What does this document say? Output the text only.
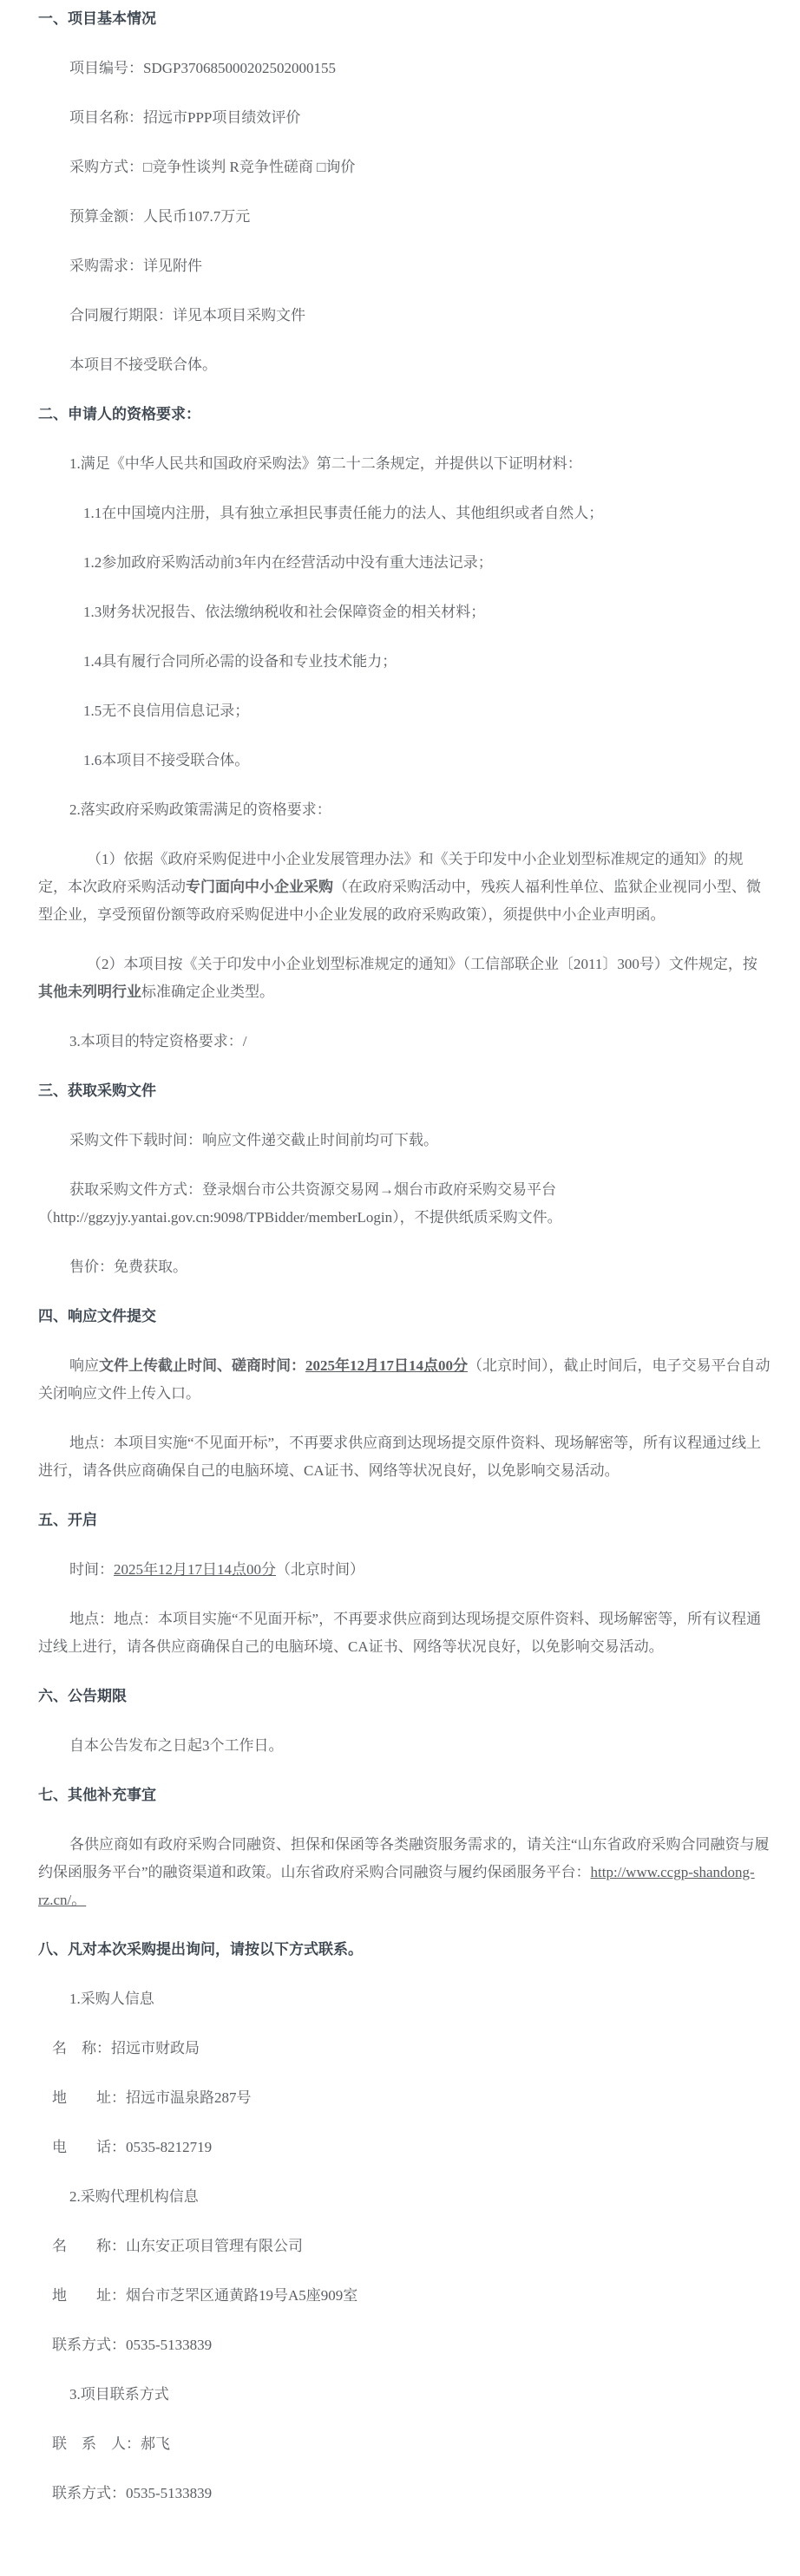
一、项目基本情况

项目编号：SDGP370685000202502000155

项目名称：招远市PPP项目绩效评价

采购方式：□竞争性谈判 R竞争性磋商 □询价

预算金额：人民币107.7万元

采购需求：详见附件

合同履行期限：详见本项目采购文件

本项目不接受联合体。

二、申请人的资格要求：

1.满足《中华人民共和国政府采购法》第二十二条规定，并提供以下证明材料：

1.1在中国境内注册，具有独立承担民事责任能力的法人、其他组织或者自然人；

1.2参加政府采购活动前3年内在经营活动中没有重大违法记录；

1.3财务状况报告、依法缴纳税收和社会保障资金的相关材料；

1.4具有履行合同所必需的设备和专业技术能力；

1.5无不良信用信息记录；

1.6本项目不接受联合体。

2.落实政府采购政策需满足的资格要求：

（1）依据《政府采购促进中小企业发展管理办法》和《关于印发中小企业划型标准规定的通知》的规定，本次政府采购活动专门面向中小企业采购（在政府采购活动中，残疾人福利性单位、监狱企业视同小型、微型企业，享受预留份额等政府采购促进中小企业发展的政府采购政策），须提供中小企业声明函。

（2）本项目按《关于印发中小企业划型标准规定的通知》（工信部联企业〔2011〕300号）文件规定，按其他未列明行业标准确定企业类型。

3.本项目的特定资格要求：/

三、获取采购文件

采购文件下载时间：响应文件递交截止时间前均可下载。

获取采购文件方式：登录烟台市公共资源交易网→烟台市政府采购交易平台（http://ggzyjy.yantai.gov.cn:9098/TPBidder/memberLogin），不提供纸质采购文件。

售价：免费获取。

四、响应文件提交

响应文件上传截止时间、磋商时间：2025年12月17日14点00分（北京时间），截止时间后，电子交易平台自动关闭响应文件上传入口。

地点：本项目实施“不见面开标”，不再要求供应商到达现场提交原件资料、现场解密等，所有议程通过线上进行，请各供应商确保自己的电脑环境、CA证书、网络等状况良好，以免影响交易活动。

五、开启

时间：2025年12月17日14点00分（北京时间）

地点：地点：本项目实施“不见面开标”，不再要求供应商到达现场提交原件资料、现场解密等，所有议程通过线上进行，请各供应商确保自己的电脑环境、CA证书、网络等状况良好，以免影响交易活动。

六、公告期限

自本公告发布之日起3个工作日。

七、其他补充事宜

各供应商如有政府采购合同融资、担保和保函等各类融资服务需求的，请关注“山东省政府采购合同融资与履约保函服务平台”的融资渠道和政策。山东省政府采购合同融资与履约保函服务平台：http://www.ccgp-shandong-rz.cn/。

八、凡对本次采购提出询问，请按以下方式联系。

1.采购人信息

名　称：招远市财政局

地　　址：招远市温泉路287号

电　　话：0535-8212719

2.采购代理机构信息

名　　称：山东安正项目管理有限公司

地　　址：烟台市芝罘区通黄路19号A5座909室

联系方式：0535-5133839

3.项目联系方式

联　系　人：郝飞

联系方式：0535-5133839
